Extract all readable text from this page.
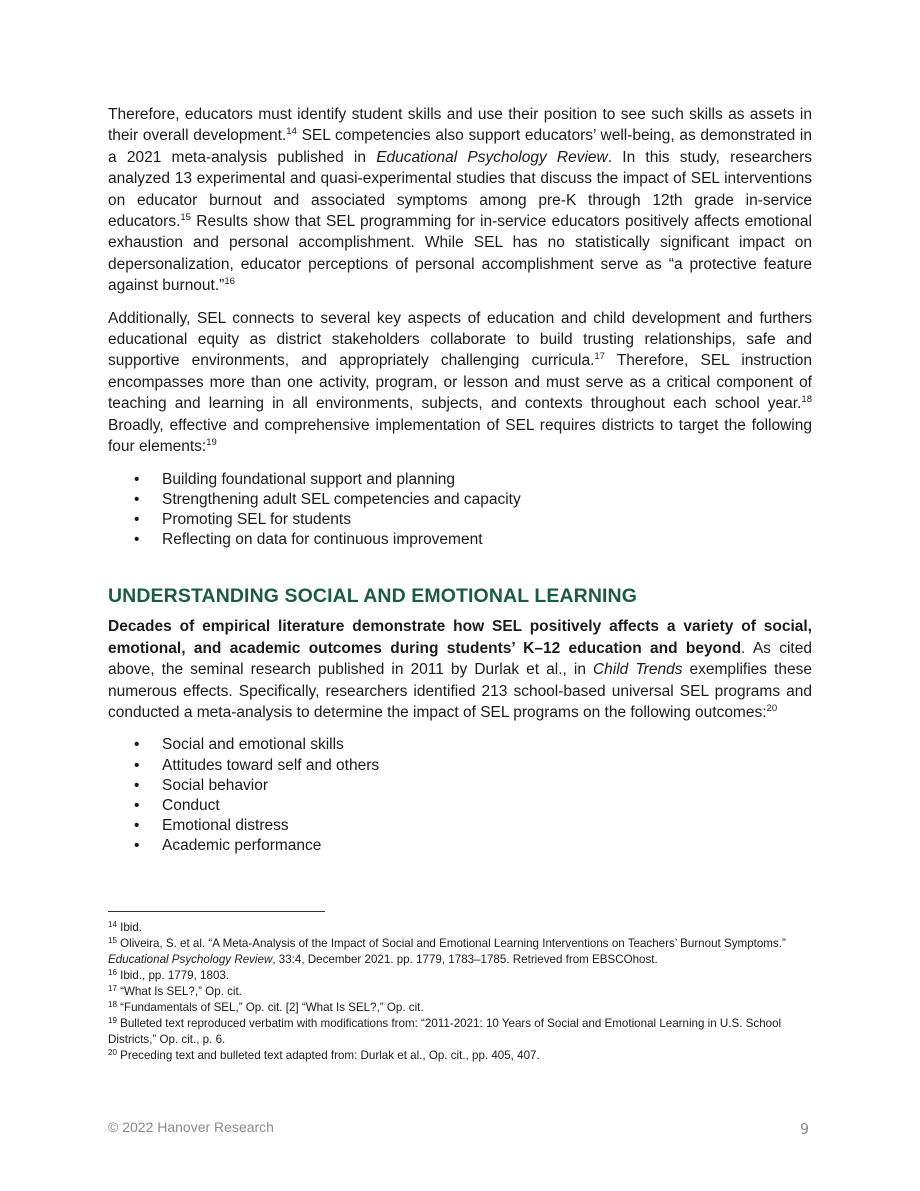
Therefore, educators must identify student skills and use their position to see such skills as assets in their overall development.$^{14}$ SEL competencies also support educators’ well-being, as demonstrated in a 2021 meta-analysis published in Educational Psychology Review. In this study, researchers analyzed 13 experimental and quasi-experimental studies that discuss the impact of SEL interventions on educator burnout and associated symptoms among pre-K through 12th grade in-service educators.$^{15}$ Results show that SEL programming for in-service educators positively affects emotional exhaustion and personal accomplishment. While SEL has no statistically significant impact on depersonalization, educator perceptions of personal accomplishment serve as “a protective feature against burnout.”$^{16}$

Additionally, SEL connects to several key aspects of education and child development and furthers educational equity as district stakeholders collaborate to build trusting relationships, safe and supportive environments, and appropriately challenging curricula.$^{17}$ Therefore, SEL instruction encompasses more than one activity, program, or lesson and must serve as a critical component of teaching and learning in all environments, subjects, and contexts throughout each school year.$^{18}$ Broadly, effective and comprehensive implementation of SEL requires districts to target the following four elements:$^{19}$

• Building foundational support and planning
• Strengthening adult SEL competencies and capacity
• Promoting SEL for students
• Reflecting on data for continuous improvement
UNDERSTANDING SOCIAL AND EMOTIONAL LEARNING

Decades of empirical literature demonstrate how SEL positively affects a variety of social, emotional, and academic outcomes during students’ K–12 education and beyond. As cited above, the seminal research published in 2011 by Durlak et al., in Child Trends exemplifies these numerous effects. Specifically, researchers identified 213 school-based universal SEL programs and conducted a meta-analysis to determine the impact of SEL programs on the following outcomes:$^{20}$

• Social and emotional skills
• Attitudes toward self and others
• Social behavior
• Conduct
• Emotional distress
• Academic performance
$^{14}$ Ibid.
$^{15}$ Oliveira, S. et al. “A Meta-Analysis of the Impact of Social and Emotional Learning Interventions on Teachers’ Burnout Symptoms.” Educational Psychology Review, 33:4, December 2021. pp. 1779, 1783–1785. Retrieved from EBSCOhost.
$^{16}$ Ibid., pp. 1779, 1803.
$^{17}$ “What Is SEL?,” Op. cit.
$^{18}$ “Fundamentals of SEL,” Op. cit. [2] “What Is SEL?,” Op. cit.
$^{19}$ Bulleted text reproduced verbatim with modifications from: “2011-2021: 10 Years of Social and Emotional Learning in U.S. School Districts,” Op. cit., p. 6.
$^{20}$ Preceding text and bulleted text adapted from: Durlak et al., Op. cit., pp. 405, 407.
© 2022 Hanover Research	9
